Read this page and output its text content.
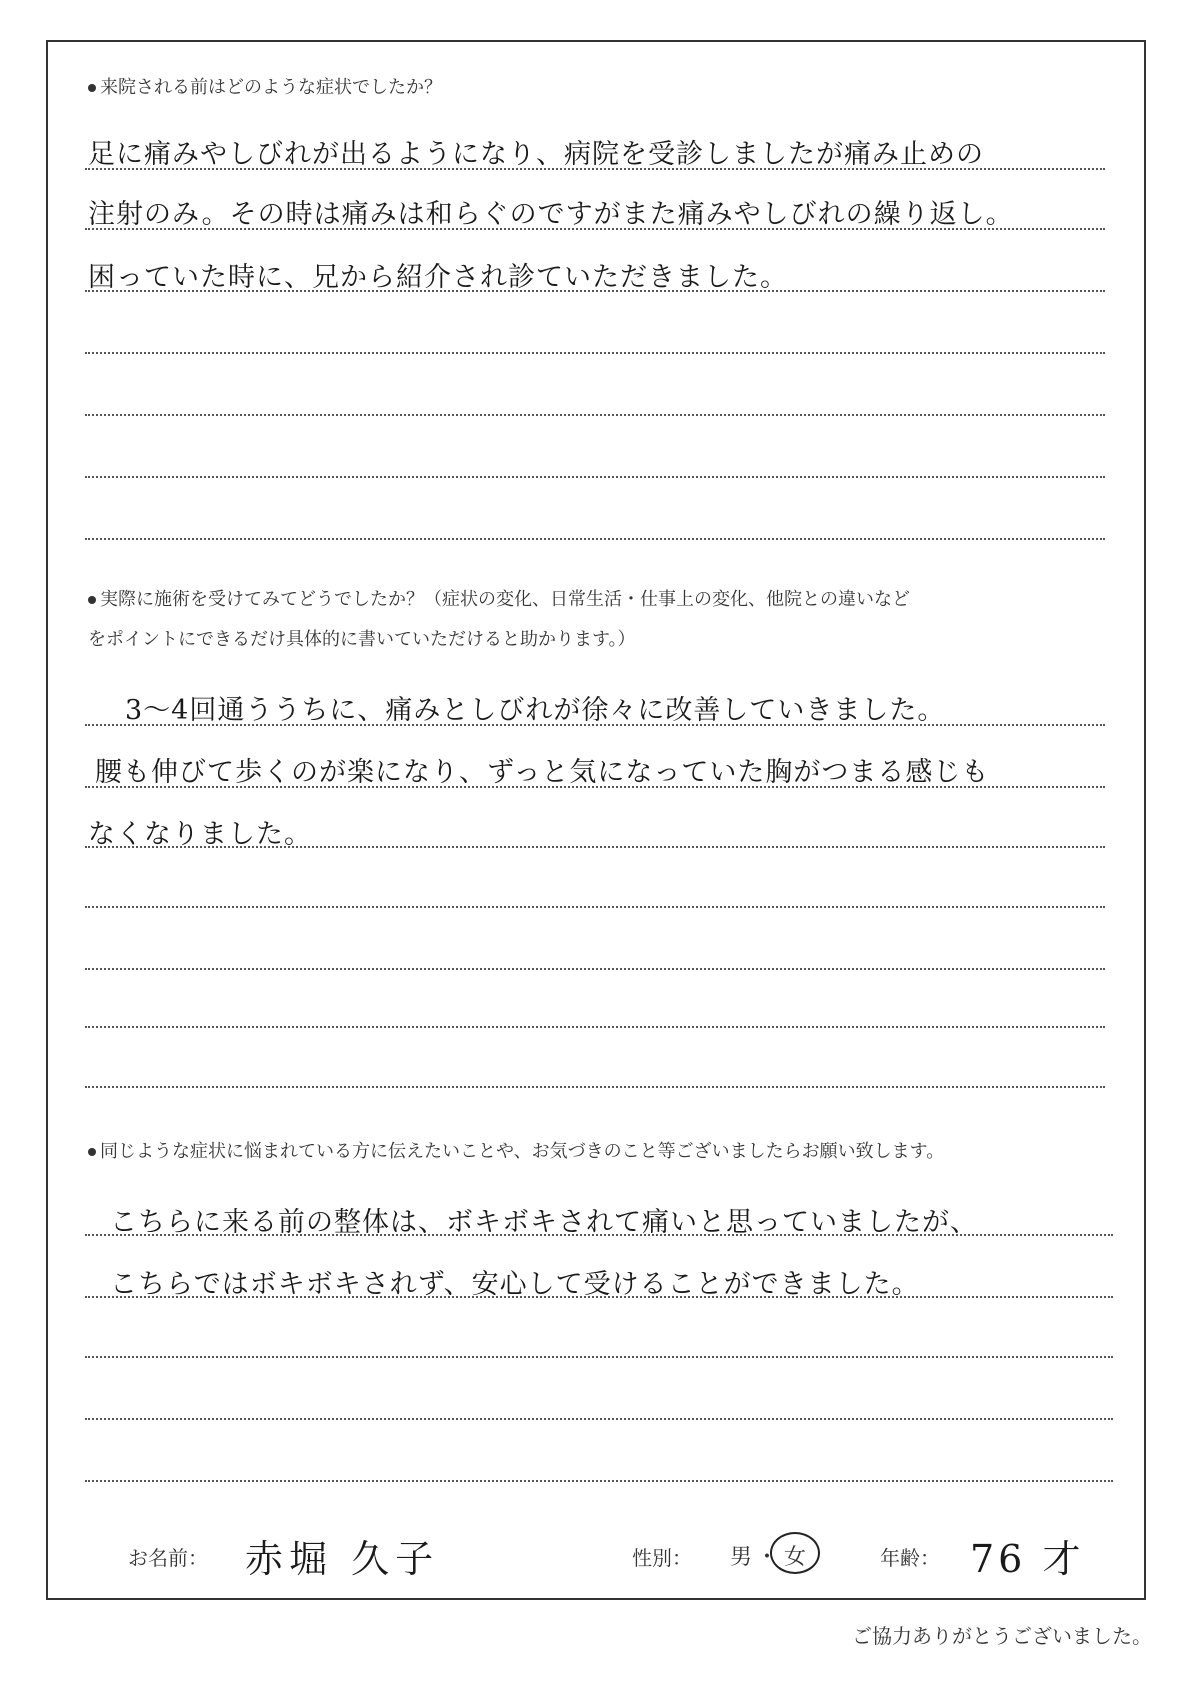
来院される前はどのような症状でしたか？
足に痛みやしびれが出るようになり、病院を受診しましたが痛み止めの
注射のみ。その時は痛みは和らぐのですがまた痛みやしびれの繰り返し。
困っていた時に、兄から紹介され診ていただきました。
実際に施術を受けてみてどうでしたか？（症状の変化、日常生活・仕事上の変化、他院との違いなど
をポイントにできるだけ具体的に書いていただけると助かります。）
3～4回通ううちに、痛みとしびれが徐々に改善していきました。
腰も伸びて歩くのが楽になり、ずっと気になっていた胸がつまる感じも
なくなりました。
同じような症状に悩まれている方に伝えたいことや、お気づきのこと等ございましたらお願い致します。
こちらに来る前の整体は、ボキボキされて痛いと思っていましたが、
こちらではボキボキされず、安心して受けることができました。
お名前： 赤堀 久子	性別： 男 ・ 女	年齢： 76 才
ご協力ありがとうございました。
